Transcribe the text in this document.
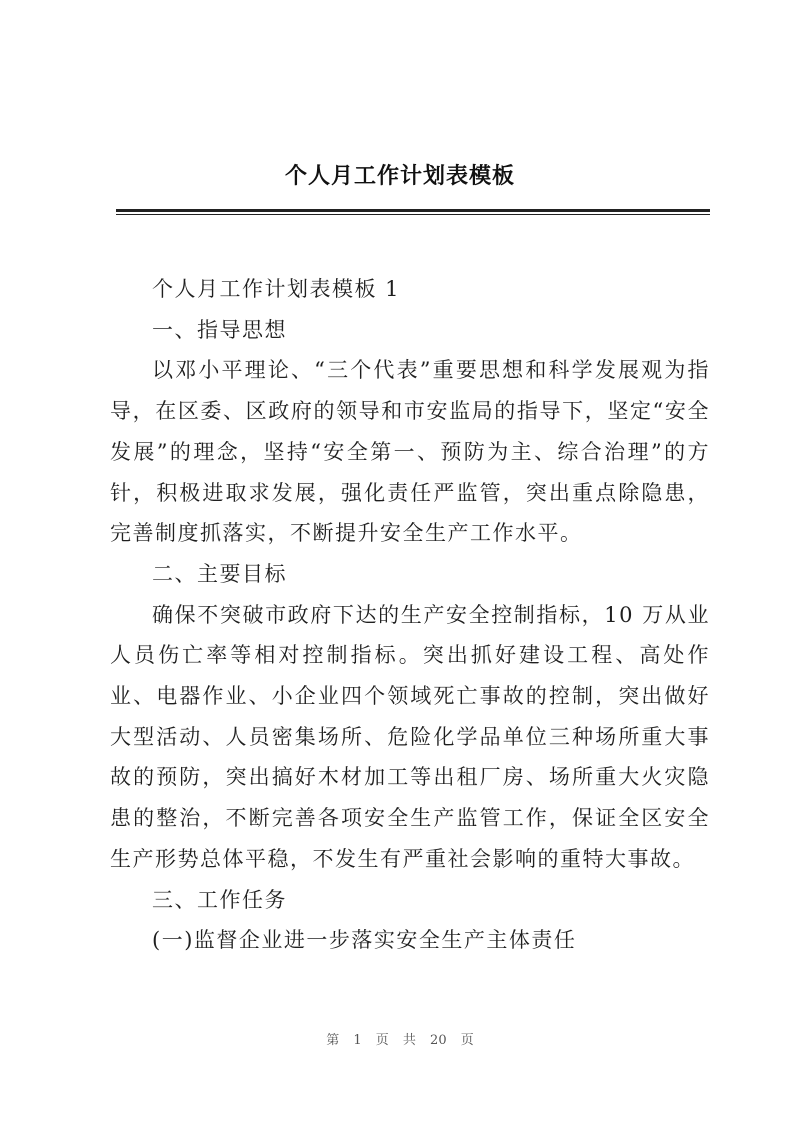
个人月工作计划表模板

个人月工作计划表模板 1

一、指导思想

以邓小平理论、“三个代表”重要思想和科学发展观为指导，在区委、区政府的领导和市安监局的指导下，坚定“安全发展”的理念，坚持“安全第一、预防为主、综合治理”的方针，积极进取求发展，强化责任严监管，突出重点除隐患，完善制度抓落实，不断提升安全生产工作水平。

二、主要目标

确保不突破市政府下达的生产安全控制指标，10 万从业人员伤亡率等相对控制指标。突出抓好建设工程、高处作业、电器作业、小企业四个领域死亡事故的控制，突出做好大型活动、人员密集场所、危险化学品单位三种场所重大事故的预防，突出搞好木材加工等出租厂房、场所重大火灾隐患的整治，不断完善各项安全生产监管工作，保证全区安全生产形势总体平稳，不发生有严重社会影响的重特大事故。

三、工作任务

(一)监督企业进一步落实安全生产主体责任

第 1 页 共 20 页
